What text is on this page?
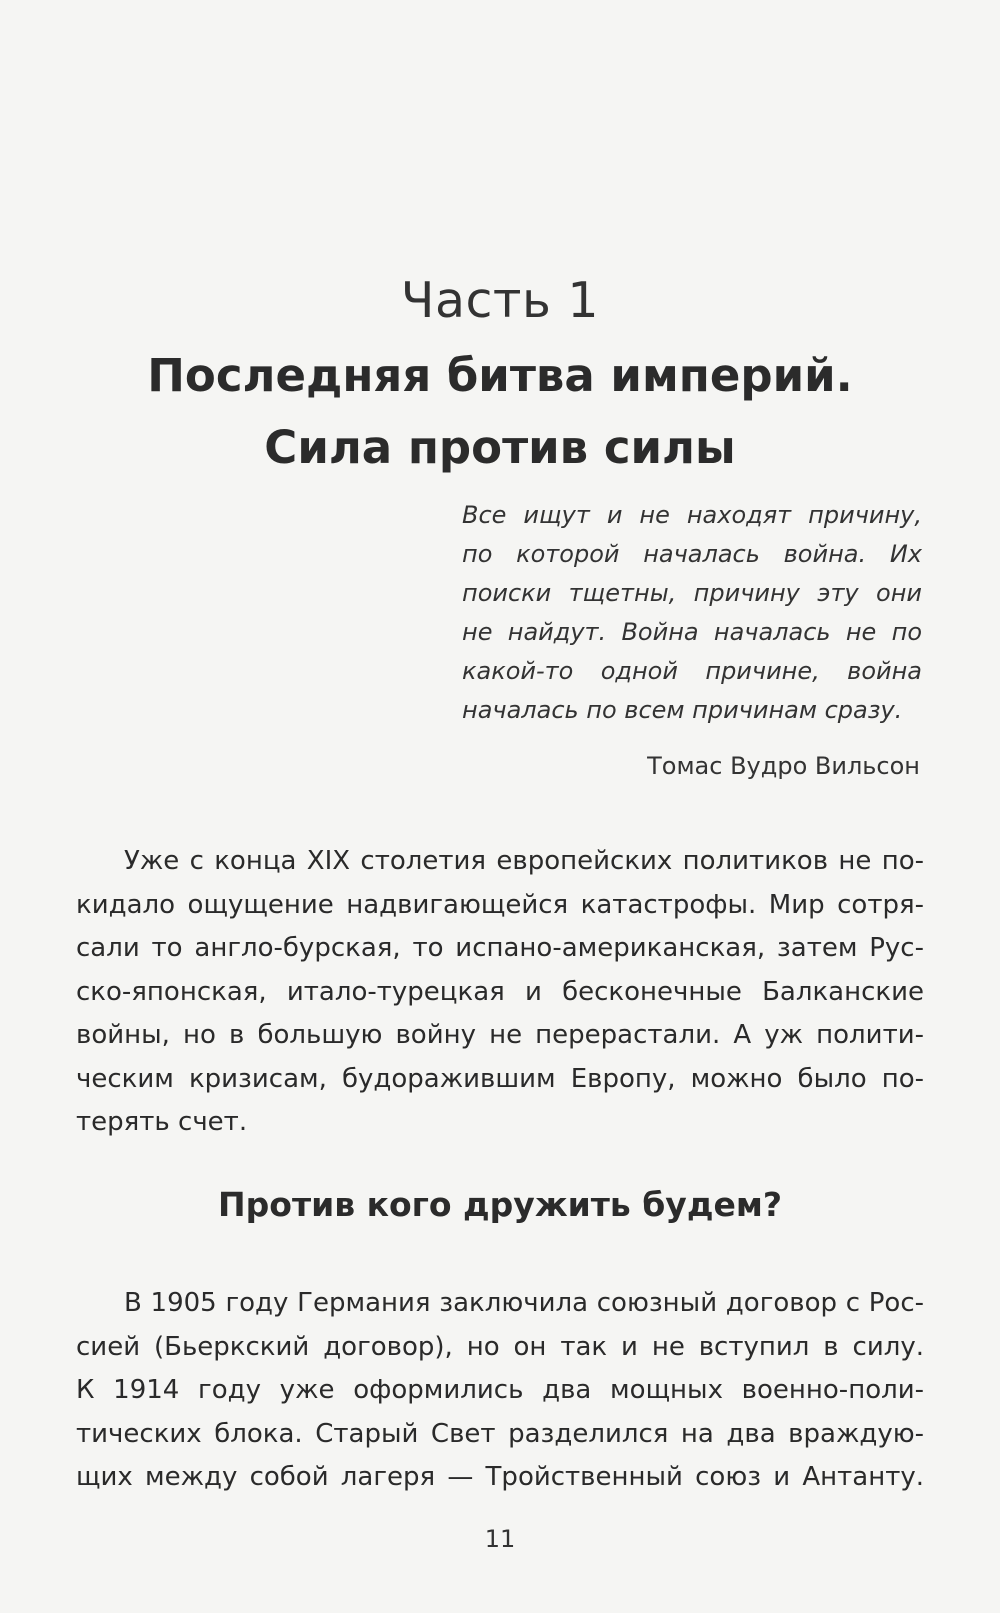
Часть 1
Последняя битва империй.
Сила против силы
Все ищут и не находят причину,
по которой началась война. Их
поиски тщетны, причину эту они
не найдут. Война началась не по
какой-то одной причине, война
началась по всем причинам сразу.
Томас Вудро Вильсон
Уже с конца XIX столетия европейских политиков не по-
кидало ощущение надвигающейся катастрофы. Мир сотря-
сали то англо-бурская, то испано-американская, затем Рус-
ско-японская, итало-турецкая и бесконечные Балканские
войны, но в большую войну не перерастали. А уж полити-
ческим кризисам, будоражившим Европу, можно было по-
терять счет.
Против кого дружить будем?
В 1905 году Германия заключила союзный договор с Рос-
сией (Бьеркский договор), но он так и не вступил в силу.
К 1914 году уже оформились два мощных военно-поли-
тических блока. Старый Свет разделился на два враждую-
щих между собой лагеря — Тройственный союз и Антанту.
11
